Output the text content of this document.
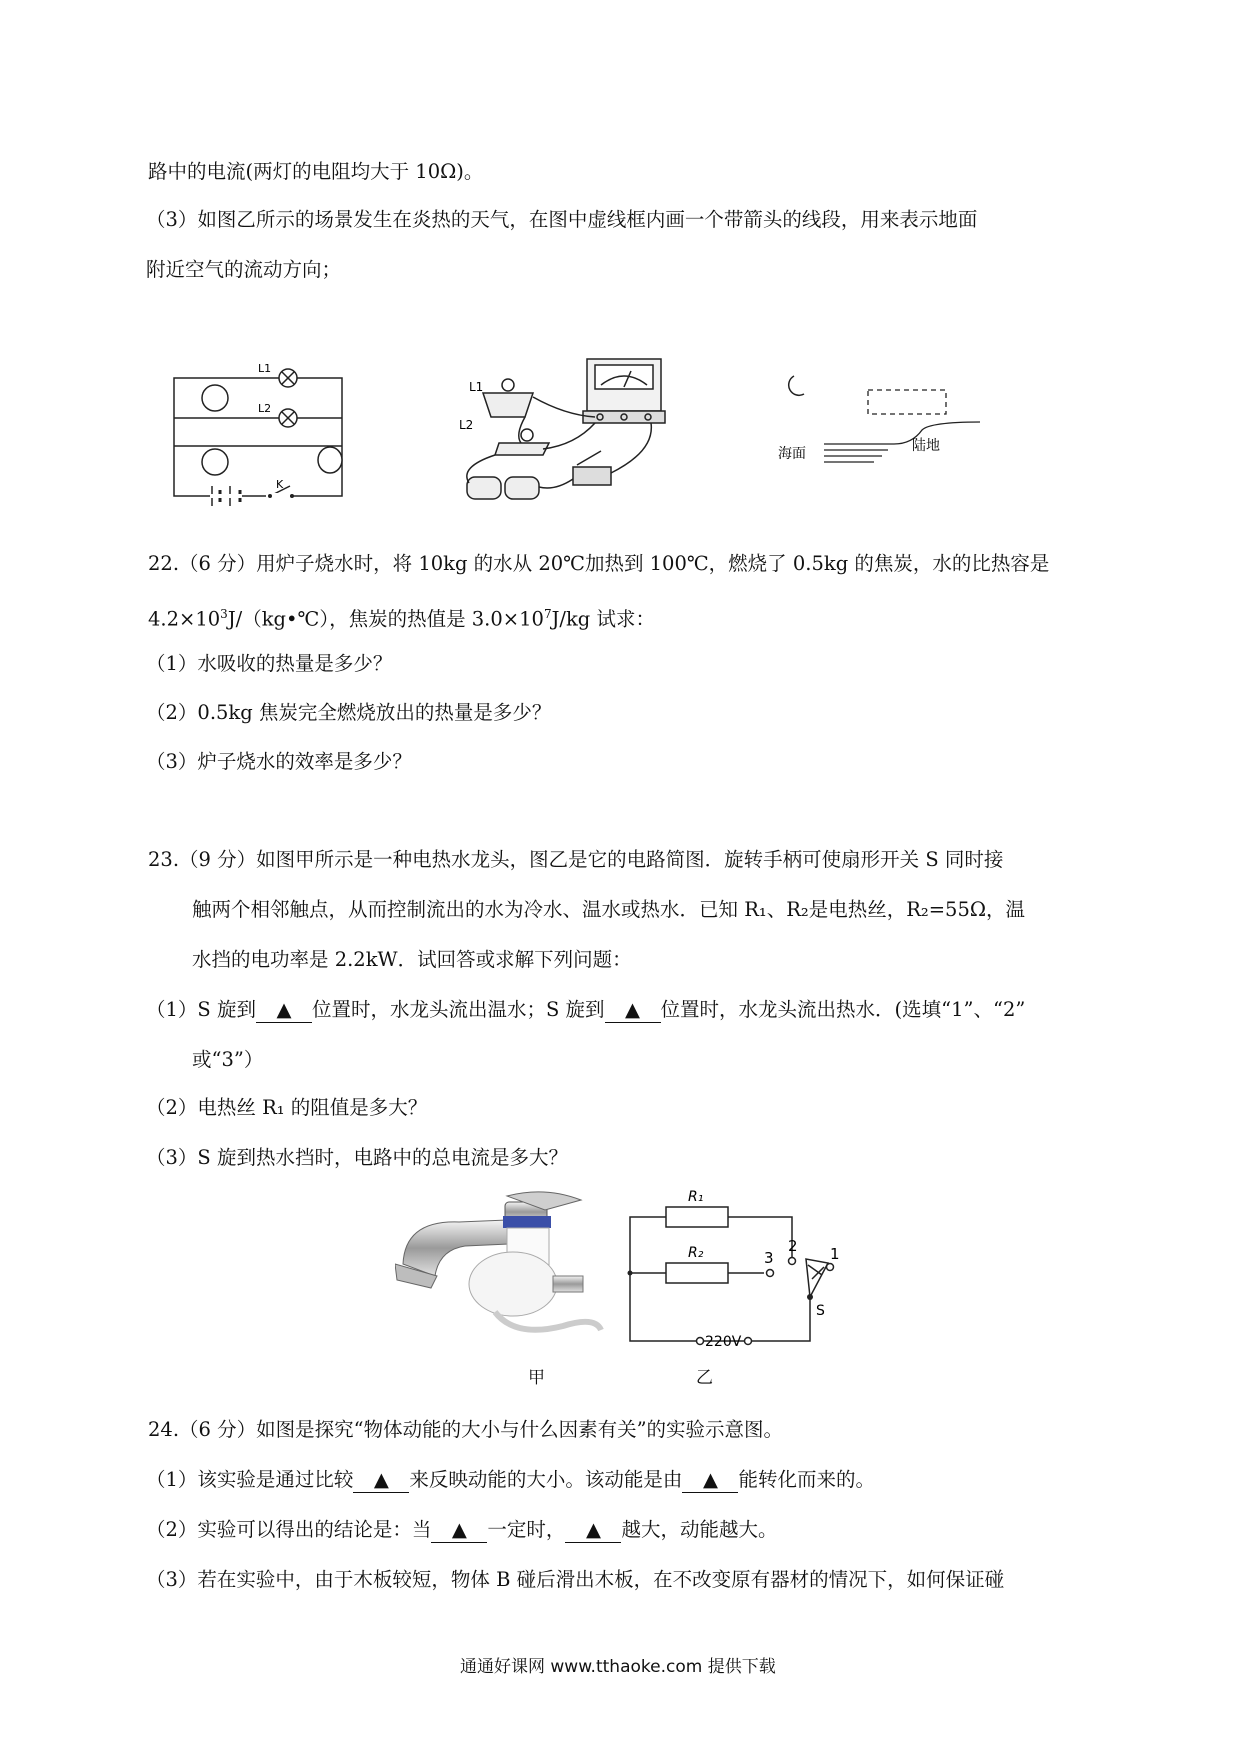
路中的电流(两灯的电阻均大于 10Ω)。
（3）如图乙所示的场景发生在炎热的天气，在图中虚线框内画一个带箭头的线段，用来表示地面
附近空气的流动方向；
L1
L2
K
L1
L2
海面	陆地
22.（6 分）用炉子烧水时，将 10kg 的水从 20℃加热到 100℃，燃烧了 0.5kg 的焦炭，水的比热容是
$4.2\times 10^3J/(kg•℃)$，焦炭的热值是 $3.0\times 10^7J/kg$ 试求：
（1）水吸收的热量是多少？
（2）0.5kg 焦炭完全燃烧放出的热量是多少？
（3）炉子烧水的效率是多少？
23.（9 分）如图甲所示是一种电热水龙头，图乙是它的电路简图．旋转手柄可使扇形开关 S 同时接
触两个相邻触点，从而控制流出的水为冷水、温水或热水．已知 R₁、R₂是电热丝，R₂=55Ω，温
水挡的电功率是 2.2kW．试回答或求解下列问题：
（1）S 旋到 ▲ 位置时，水龙头流出温水；S 旋到 ▲ 位置时，水龙头流出热水．(选填“1”、“2”
或“3”）
（2）电热丝 R₁ 的阻值是多大？
（3）S 旋到热水挡时，电路中的总电流是多大？
R₁
R₂	3
2 1
S
220V
甲	乙
24.（6 分）如图是探究“物体动能的大小与什么因素有关”的实验示意图。
（1）该实验是通过比较 ▲ 来反映动能的大小。该动能是由 ▲ 能转化而来的。
（2）实验可以得出的结论是：当 ▲ 一定时， ▲ 越大，动能越大。
（3）若在实验中，由于木板较短，物体 B 碰后滑出木板，在不改变原有器材的情况下，如何保证碰
通通好课网 www.tthaoke.com 提供下载
